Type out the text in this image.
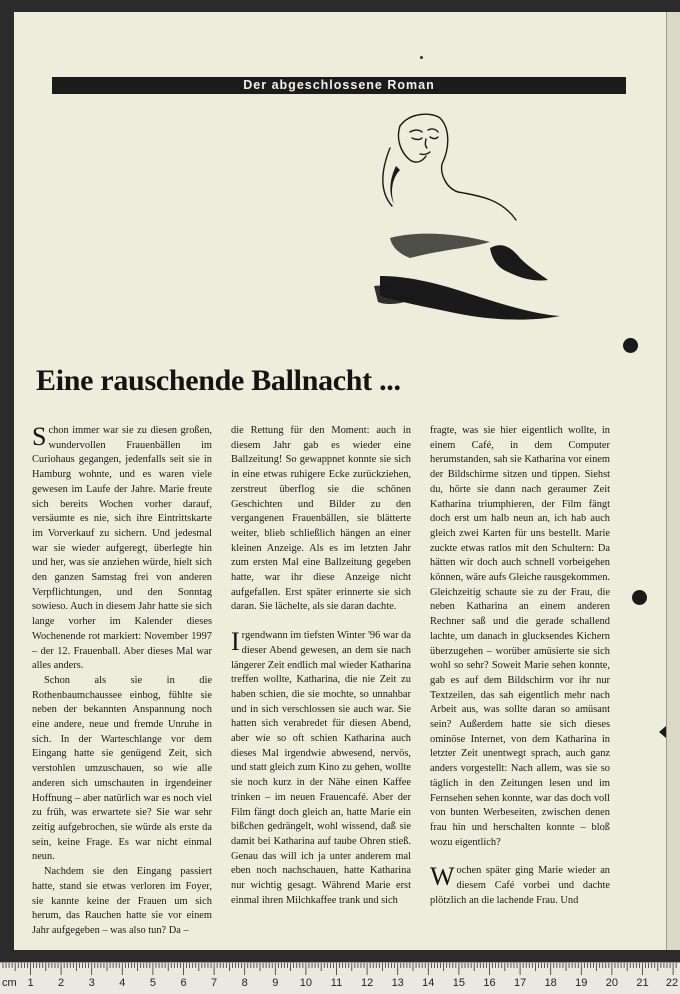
Der abgeschlossene Roman
Eine rauschende Ballnacht ...

Schon immer war sie zu diesen großen, wundervollen Frauenbällen im Curiohaus gegangen, jedenfalls seit sie in Hamburg wohnte, und es waren viele gewesen im Laufe der Jahre. Marie freute sich bereits Wochen vorher darauf, versäumte es nie, sich ihre Eintrittskarte im Vorverkauf zu sichern. Und jedesmal war sie wieder aufgeregt, überlegte hin und her, was sie anziehen würde, hielt sich den ganzen Samstag frei von anderen Verpflichtungen, und den Sonntag sowieso. Auch in diesem Jahr hatte sie sich lange vorher im Kalender dieses Wochenende rot markiert: November 1997 – der 12. Frauenball. Aber dieses Mal war alles anders.

Schon als sie in die Rothenbaumchaussee einbog, fühlte sie neben der bekannten Anspannung noch eine andere, neue und fremde Unruhe in sich. In der Warteschlange vor dem Eingang hatte sie genügend Zeit, sich verstohlen umzuschauen, so wie alle anderen sich umschauten in irgendeiner Hoffnung – aber natürlich war es noch viel zu früh, was erwartete sie? Sie war sehr zeitig aufgebrochen, sie würde als erste da sein, keine Frage. Es war nicht einmal neun.

Nachdem sie den Eingang passiert hatte, stand sie etwas verloren im Foyer, sie kannte keine der Frauen um sich herum, das Rauchen hatte sie vor einem Jahr aufgegeben – was also tun? Da –

die Rettung für den Moment: auch in diesem Jahr gab es wieder eine Ballzeitung! So gewappnet konnte sie sich in eine etwas ruhigere Ecke zurückziehen, zerstreut überflog sie die schönen Geschichten und Bilder zu den vergangenen Frauenbällen, sie blätterte weiter, blieb schließlich hängen an einer kleinen Anzeige. Als es im letzten Jahr zum ersten Mal eine Ballzeitung gegeben hatte, war ihr diese Anzeige nicht aufgefallen. Erst später erinnerte sie sich daran. Sie lächelte, als sie daran dachte.

Irgendwann im tiefsten Winter '96 war da dieser Abend gewesen, an dem sie nach längerer Zeit endlich mal wieder Katharina treffen wollte, Katharina, die nie Zeit zu haben schien, die sie mochte, so unnahbar und in sich verschlossen sie auch war. Sie hatten sich verabredet für diesen Abend, aber wie so oft schien Katharina auch dieses Mal irgendwie abwesend, nervös, und statt gleich zum Kino zu gehen, wollte sie noch kurz in der Nähe einen Kaffee trinken – im neuen Frauencafé. Aber der Film fängt doch gleich an, hatte Marie ein bißchen gedrängelt, wohl wissend, daß sie damit bei Katharina auf taube Ohren stieß. Genau das will ich ja unter anderem mal eben noch nachschauen, hatte Katharina nur wichtig gesagt. Während Marie erst einmal ihren Milchkaffee trank und sich

fragte, was sie hier eigentlich wollte, in einem Café, in dem Computer herumstanden, sah sie Katharina vor einem der Bildschirme sitzen und tippen. Siehst du, hörte sie dann nach geraumer Zeit Katharina triumphieren, der Film fängt doch erst um halb neun an, ich hab auch gleich zwei Karten für uns bestellt. Marie zuckte etwas ratlos mit den Schultern: Da hätten wir doch auch schnell vorbeigehen können, wäre aufs Gleiche rausgekommen. Gleichzeitig schaute sie zu der Frau, die neben Katharina an einem anderen Rechner saß und die gerade schallend lachte, um danach in glucksendes Kichern überzugehen – worüber amüsierte sie sich wohl so sehr? Soweit Marie sehen konnte, gab es auf dem Bildschirm vor ihr nur Textzeilen, das sah eigentlich mehr nach Arbeit aus, was sollte daran so amüsant sein? Außerdem hatte sie sich dieses ominöse Internet, von dem Katharina in letzter Zeit unentwegt sprach, auch ganz anders vorgestellt: Nach allem, was sie so täglich in den Zeitungen lesen und im Fernsehen sehen konnte, war das doch voll von bunten Werbeseiten, zwischen denen frau hin und herschalten konnte – bloß wozu eigentlich?

Wochen später ging Marie wieder an diesem Café vorbei und dachte plötzlich an die lachende Frau. Und

cm 1 2 3 4 5 6 7 8 9 10 11 12 13 14 15 16 17 18 19 20 21 22
